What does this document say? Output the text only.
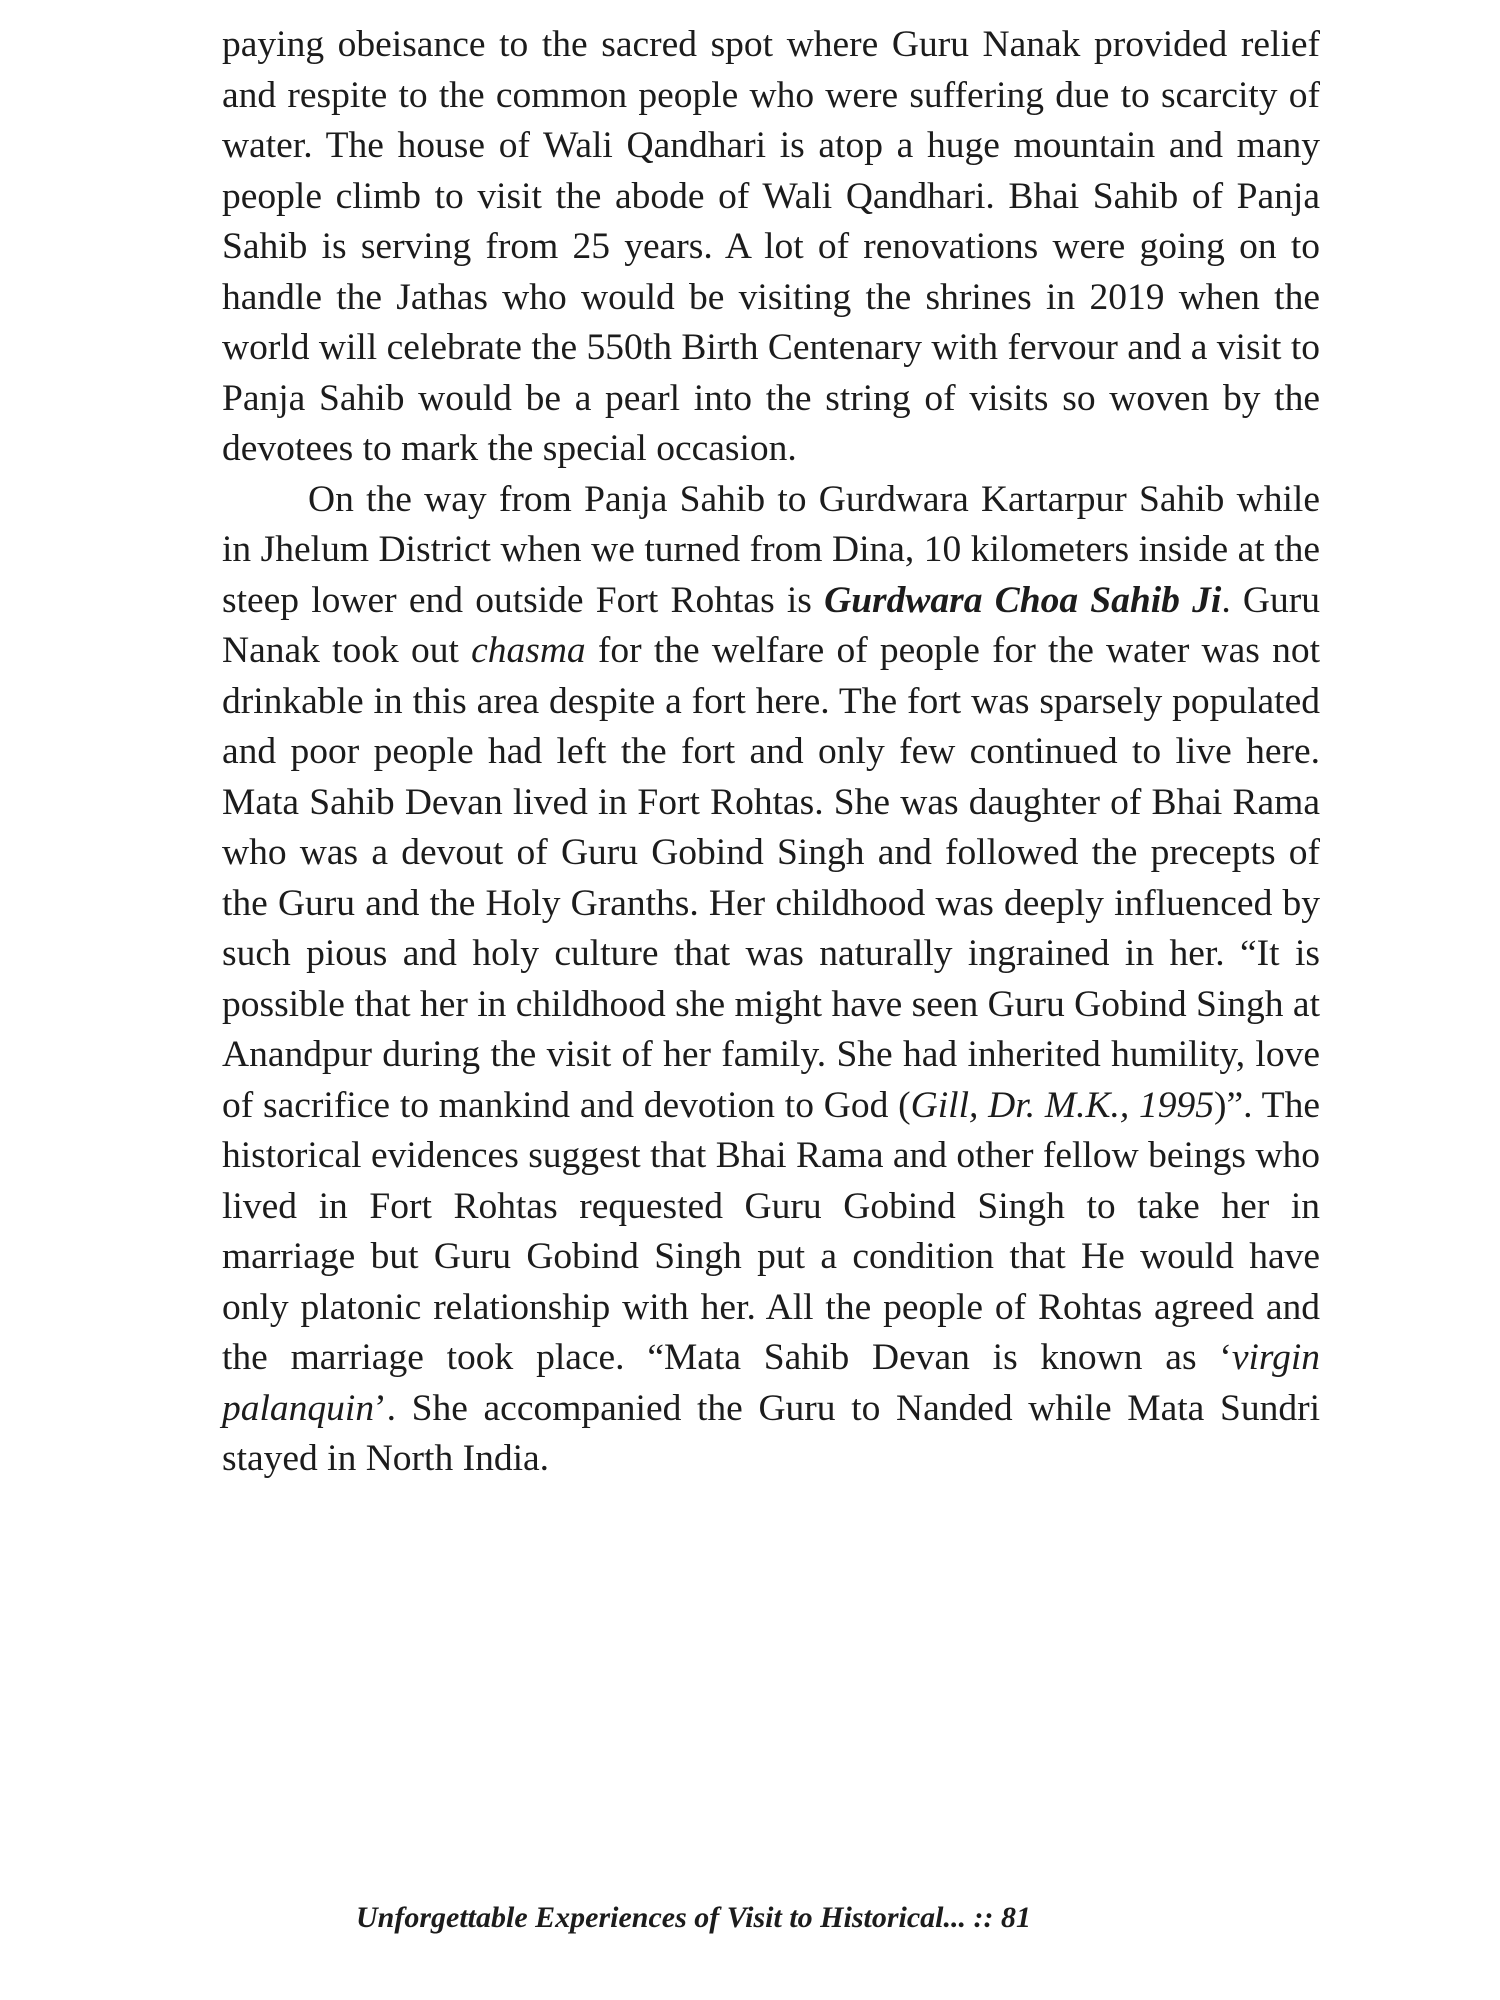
paying obeisance to the sacred spot where Guru Nanak provided relief and respite to the common people who were suffering due to scarcity of water. The house of Wali Qandhari is atop a huge mountain and many people climb to visit the abode of Wali Qandhari. Bhai Sahib of Panja Sahib is serving from 25 years. A lot of renovations were going on to handle the Jathas who would be visiting the shrines in 2019 when the world will celebrate the 550th Birth Centenary with fervour and a visit to Panja Sahib would be a pearl into the string of visits so woven by the devotees to mark the special occasion.

On the way from Panja Sahib to Gurdwara Kartarpur Sahib while in Jhelum District when we turned from Dina, 10 kilometers inside at the steep lower end outside Fort Rohtas is Gurdwara Choa Sahib Ji. Guru Nanak took out chasma for the welfare of people for the water was not drinkable in this area despite a fort here. The fort was sparsely populated and poor people had left the fort and only few continued to live here. Mata Sahib Devan lived in Fort Rohtas. She was daughter of Bhai Rama who was a devout of Guru Gobind Singh and followed the precepts of the Guru and the Holy Granths. Her childhood was deeply influenced by such pious and holy culture that was naturally ingrained in her. “It is possible that her in childhood she might have seen Guru Gobind Singh at Anandpur during the visit of her family. She had inherited humility, love of sacrifice to mankind and devotion to God (Gill, Dr. M.K., 1995)”. The historical evidences suggest that Bhai Rama and other fellow beings who lived in Fort Rohtas requested Guru Gobind Singh to take her in marriage but Guru Gobind Singh put a condition that He would have only platonic relationship with her. All the people of Rohtas agreed and the marriage took place. “Mata Sahib Devan is known as ‘virgin palanquin’. She accompanied the Guru to Nanded while Mata Sundri stayed in North India.

Unforgettable Experiences of Visit to Historical... :: 81
